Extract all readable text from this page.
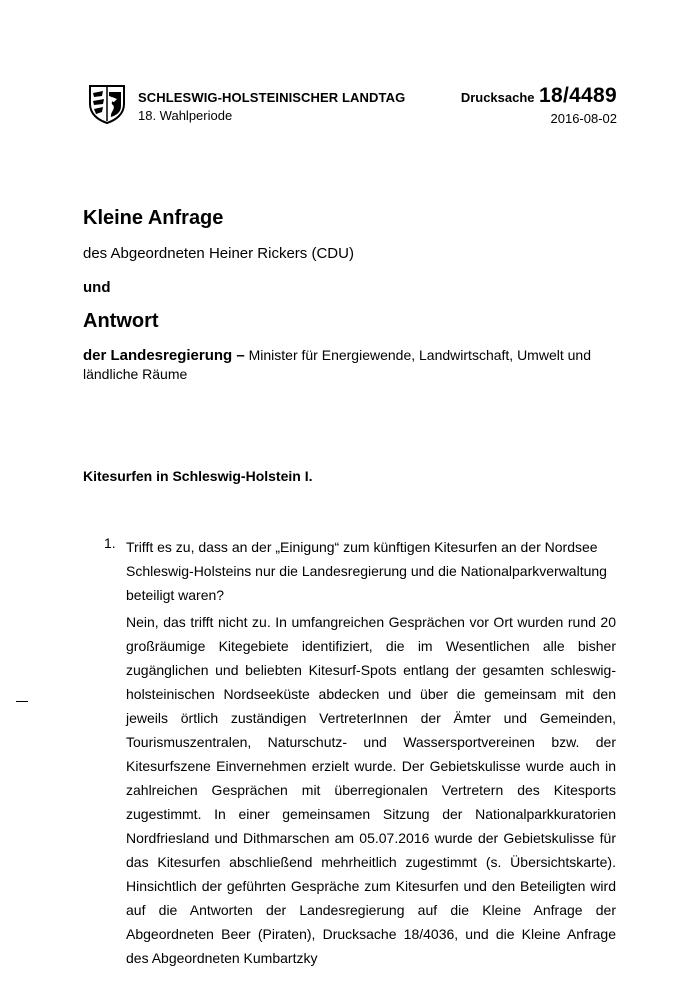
SCHLESWIG-HOLSTEINISCHER LANDTAG
18. Wahlperiode
Drucksache 18/4489
2016-08-02
Kleine Anfrage

des Abgeordneten Heiner Rickers (CDU)

und

Antwort

der Landesregierung – Minister für Energiewende, Landwirtschaft, Umwelt und ländliche Räume

Kitesurfen in Schleswig-Holstein I.

1. Trifft es zu, dass an der „Einigung“ zum künftigen Kitesurfen an der Nordsee Schleswig-Holsteins nur die Landesregierung und die Nationalparkverwaltung beteiligt waren?

Nein, das trifft nicht zu. In umfangreichen Gesprächen vor Ort wurden rund 20 großräumige Kitegebiete identifiziert, die im Wesentlichen alle bisher zugänglichen und beliebten Kitesurf-Spots entlang der gesamten schleswig-holsteinischen Nordseeküste abdecken und über die gemeinsam mit den jeweils örtlich zuständigen VertreterInnen der Ämter und Gemeinden, Tourismuszentralen, Naturschutz- und Wassersportvereinen bzw. der Kitesurfszene Einvernehmen erzielt wurde. Der Gebietskulisse wurde auch in zahlreichen Gesprächen mit überregionalen Vertretern des Kitesports zugestimmt. In einer gemeinsamen Sitzung der Nationalparkkuratorien Nordfriesland und Dithmarschen am 05.07.2016 wurde der Gebietskulisse für das Kitesurfen abschließend mehrheitlich zugestimmt (s. Übersichtskarte). Hinsichtlich der geführten Gespräche zum Kitesurfen und den Beteiligten wird auf die Antworten der Landesregierung auf die Kleine Anfrage der Abgeordneten Beer (Piraten), Drucksache 18/4036, und die Kleine Anfrage des Abgeordneten Kumbartzky
